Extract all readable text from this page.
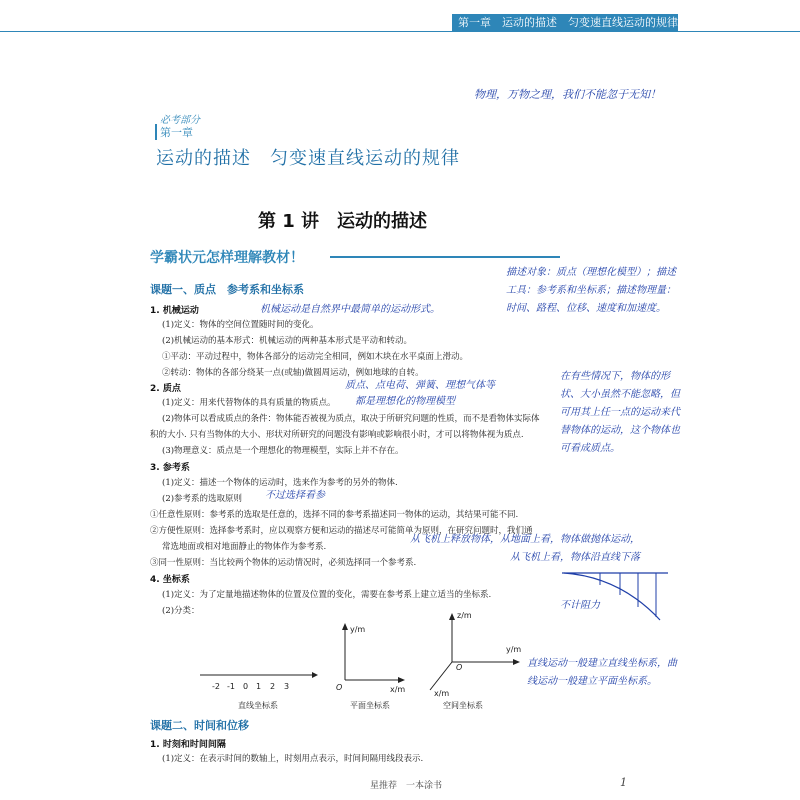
第一章　运动的描述　匀变速直线运动的规律
物理，万物之理，我们不能忽于无知！
必考部分
第一章
运动的描述　匀变速直线运动的规律
第 1 讲　运动的描述
学霸状元怎样理解教材！
课题一、质点　参考系和坐标系
1. 机械运动
(1)定义：物体的空间位置随时间的变化。
(2)机械运动的基本形式：机械运动的两种基本形式是平动和转动。
①平动：平动过程中，物体各部分的运动完全相同，例如木块在水平桌面上滑动。
②转动：物体的各部分绕某一点(或轴)做圆周运动，例如地球的自转。
2. 质点
(1)定义：用来代替物体的具有质量的物质点。
(2)物体可以看成质点的条件：物体能否被视为质点，取决于所研究问题的性质，而不是看物体实际体
积的大小. 只有当物体的大小、形状对所研究的问题没有影响或影响很小时，才可以将物体视为质点.
(3)物理意义：质点是一个理想化的物理模型，实际上并不存在。
3. 参考系
(1)定义：描述一个物体的运动时，选来作为参考的另外的物体.
(2)参考系的选取原则
①任意性原则：参考系的选取是任意的，选择不同的参考系描述同一物体的运动，其结果可能不同.
②方便性原则：选择参考系时，应以观察方便和运动的描述尽可能简单为原则，在研究问题时，我们通
常选地面或相对地面静止的物体作为参考系.
③同一性原则：当比较两个物体的运动情况时，必须选择同一个参考系.
4. 坐标系
(1)定义：为了定量地描述物体的位置及位置的变化，需要在参考系上建立适当的坐标系.
(2)分类：
-2 -1 0 1 2 3
直线坐标系
y/m
x/m
O
平面坐标系
z/m
y/m
x/m
O
空间坐标系
课题二、时间和位移
1. 时刻和时间间隔
(1)定义：在表示时间的数轴上，时刻用点表示，时间间隔用线段表示.
描述对象：质点（理想化模型）；描述工具：参考系和坐标系；描述物理量：时间、路程、位移、速度和加速度。
机械运动是自然界中最简单的运动形式。
质点、点电荷、弹簧、理想气体等
都是理想化的物理模型
在有些情况下，物体的形状、大小虽然不能忽略，但可用其上任一点的运动来代替物体的运动，这个物体也可看成质点。
不过选择看参
从飞机上释放物体，从地面上看，物体做抛体运动，
从飞机上看，物体沿直线下落
不计阻力
直线运动一般建立直线坐标系，曲线运动一般建立平面坐标系。
星推荐　一本涂书	1
